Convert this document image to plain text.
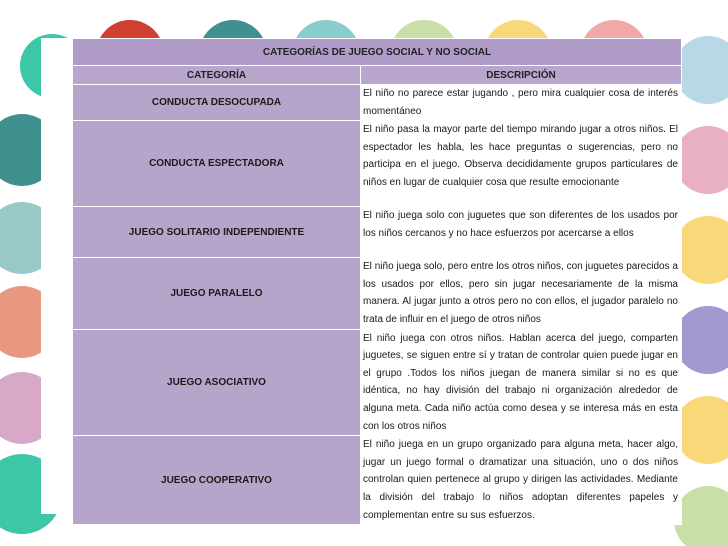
CATEGORÍAS DE JUEGO SOCIAL Y NO SOCIAL	
CATEGORÍA	DESCRIPCIÓN
CONDUCTA DESOCUPADA	El niño no parece estar jugando , pero mira cualquier cosa de interés momentáneo
CONDUCTA ESPECTADORA	El niño pasa la mayor parte del tiempo mirando jugar a otros niños. El espectador les habla, les hace preguntas o sugerencias, pero no participa en el juego. Observa decididamente grupos particulares de niños en lugar de cualquier cosa que resulte emocionante
JUEGO SOLITARIO INDEPENDIENTE	El niño juega solo con juguetes que son diferentes de los usados por los niños cercanos y no hace esfuerzos por acercarse a ellos
JUEGO PARALELO	El niño juega solo, pero entre los otros niños, con juguetes parecidos a los usados por ellos, pero sin jugar necesariamente de la misma manera. Al jugar junto a otros pero no con ellos, el jugador paralelo no trata de influir en el juego de otros niños
JUEGO ASOCIATIVO	El niño juega con otros niños. Hablan acerca del juego, comparten juguetes, se siguen entre sí y tratan de controlar quien puede jugar en el grupo .Todos los niños juegan de manera similar si no es que idéntica, no hay división del trabajo ni organización alrededor de alguna meta. Cada niño actúa como desea y se interesa más en esta con los otros niños
JUEGO COOPERATIVO	El niño juega en un grupo organizado para alguna meta, hacer algo, jugar un juego formal o dramatizar una situación, uno o dos niños controlan quien pertenece al grupo y dirigen las actividades. Mediante la división del trabajo lo niños adoptan diferentes papeles y complementan entre su sus esfuerzos.
